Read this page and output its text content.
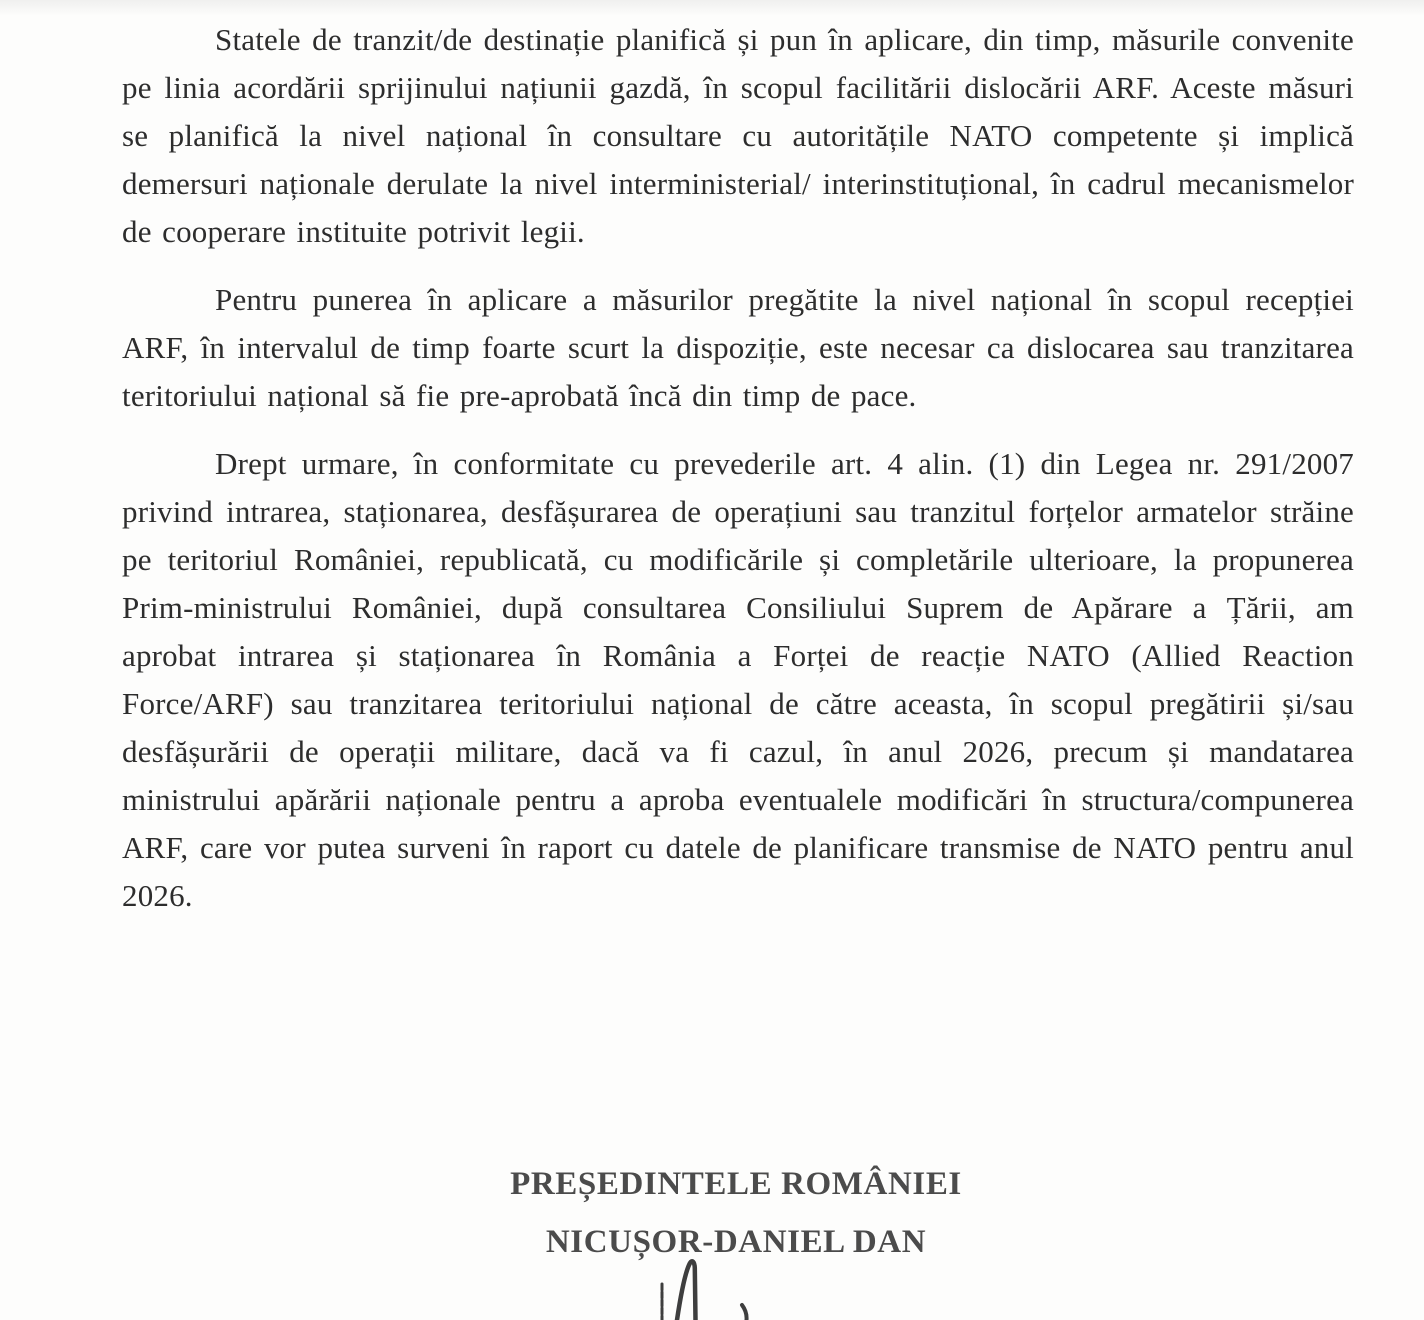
Statele de tranzit/de destinație planifică și pun în aplicare, din timp, măsurile convenite pe linia acordării sprijinului națiunii gazdă, în scopul facilitării dislocării ARF. Aceste măsuri se planifică la nivel național în consultare cu autoritățile NATO competente și implică demersuri naționale derulate la nivel interministerial/ interinstituțional, în cadrul mecanismelor de cooperare instituite potrivit legii.

Pentru punerea în aplicare a măsurilor pregătite la nivel național în scopul recepției ARF, în intervalul de timp foarte scurt la dispoziție, este necesar ca dislocarea sau tranzitarea teritoriului național să fie pre-aprobată încă din timp de pace.

Drept urmare, în conformitate cu prevederile art. 4 alin. (1) din Legea nr. 291/2007 privind intrarea, staționarea, desfășurarea de operațiuni sau tranzitul forțelor armatelor străine pe teritoriul României, republicată, cu modificările și completările ulterioare, la propunerea Prim-ministrului României, după consultarea Consiliului Suprem de Apărare a Țării, am aprobat intrarea și staționarea în România a Forței de reacție NATO (Allied Reaction Force/ARF) sau tranzitarea teritoriului național de către aceasta, în scopul pregătirii și/sau desfășurării de operații militare, dacă va fi cazul, în anul 2026, precum și mandatarea ministrului apărării naționale pentru a aproba eventualele modificări în structura/compunerea ARF, care vor putea surveni în raport cu datele de planificare transmise de NATO pentru anul 2026.

PREȘEDINTELE ROMÂNIEI
NICUȘOR-DANIEL DAN
